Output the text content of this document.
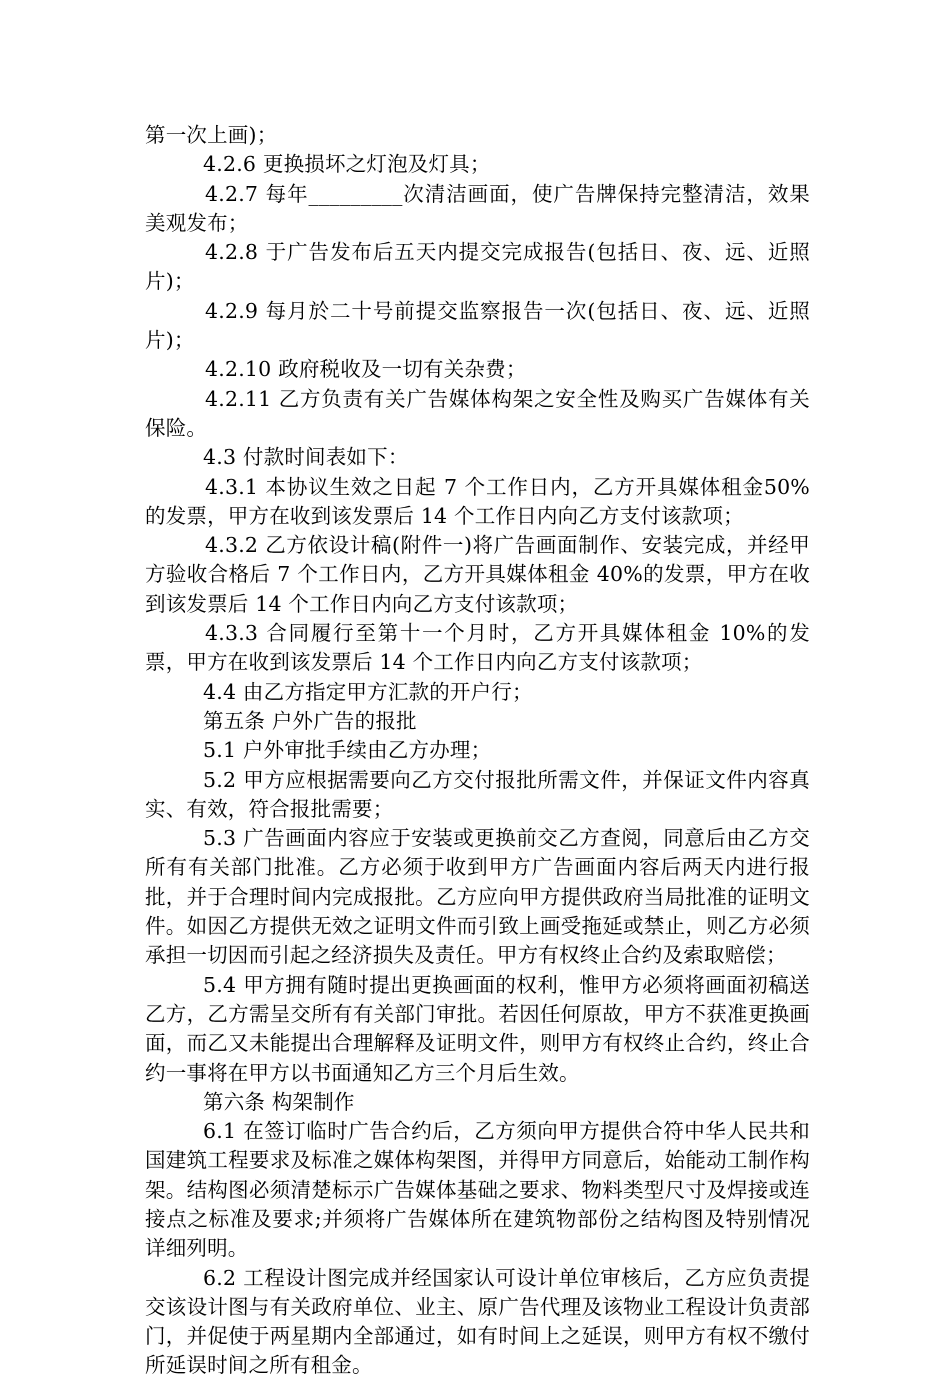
第一次上画)；

4.2.6 更换损坏之灯泡及灯具；

4.2.7 每年_________次清洁画面，使广告牌保持完整清洁，效果美观发布；

4.2.8 于广告发布后五天内提交完成报告(包括日、夜、远、近照片)；

4.2.9 每月於二十号前提交监察报告一次(包括日、夜、远、近照片)；

4.2.10 政府税收及一切有关杂费；

4.2.11 乙方负责有关广告媒体构架之安全性及购买广告媒体有关保险。

4.3 付款时间表如下：

4.3.1 本协议生效之日起 7 个工作日内，乙方开具媒体租金50%的发票，甲方在收到该发票后 14 个工作日内向乙方支付该款项；

4.3.2 乙方依设计稿(附件一)将广告画面制作、安装完成，并经甲方验收合格后 7 个工作日内，乙方开具媒体租金 40%的发票，甲方在收到该发票后 14 个工作日内向乙方支付该款项；

4.3.3 合同履行至第十一个月时，乙方开具媒体租金 10%的发票，甲方在收到该发票后 14 个工作日内向乙方支付该款项；

4.4 由乙方指定甲方汇款的开户行；

第五条 户外广告的报批

5.1 户外审批手续由乙方办理；

5.2 甲方应根据需要向乙方交付报批所需文件，并保证文件内容真实、有效，符合报批需要；

5.3 广告画面内容应于安装或更换前交乙方查阅，同意后由乙方交所有有关部门批准。乙方必须于收到甲方广告画面内容后两天内进行报批，并于合理时间内完成报批。乙方应向甲方提供政府当局批准的证明文件。如因乙方提供无效之证明文件而引致上画受拖延或禁止，则乙方必须承担一切因而引起之经济损失及责任。甲方有权终止合约及索取赔偿；

5.4 甲方拥有随时提出更换画面的权利，惟甲方必须将画面初稿送乙方，乙方需呈交所有有关部门审批。若因任何原故，甲方不获准更换画面，而乙又未能提出合理解释及证明文件，则甲方有权终止合约，终止合约一事将在甲方以书面通知乙方三个月后生效。

第六条 构架制作

6.1 在签订临时广告合约后，乙方须向甲方提供合符中华人民共和国建筑工程要求及标准之媒体构架图，并得甲方同意后，始能动工制作构架。结构图必须清楚标示广告媒体基础之要求、物料类型尺寸及焊接或连接点之标准及要求;并须将广告媒体所在建筑物部份之结构图及特别情况详细列明。

6.2 工程设计图完成并经国家认可设计单位审核后，乙方应负责提交该设计图与有关政府单位、业主、原广告代理及该物业工程设计负责部门，并促使于两星期内全部通过，如有时间上之延误，则甲方有权不缴付所延误时间之所有租金。
